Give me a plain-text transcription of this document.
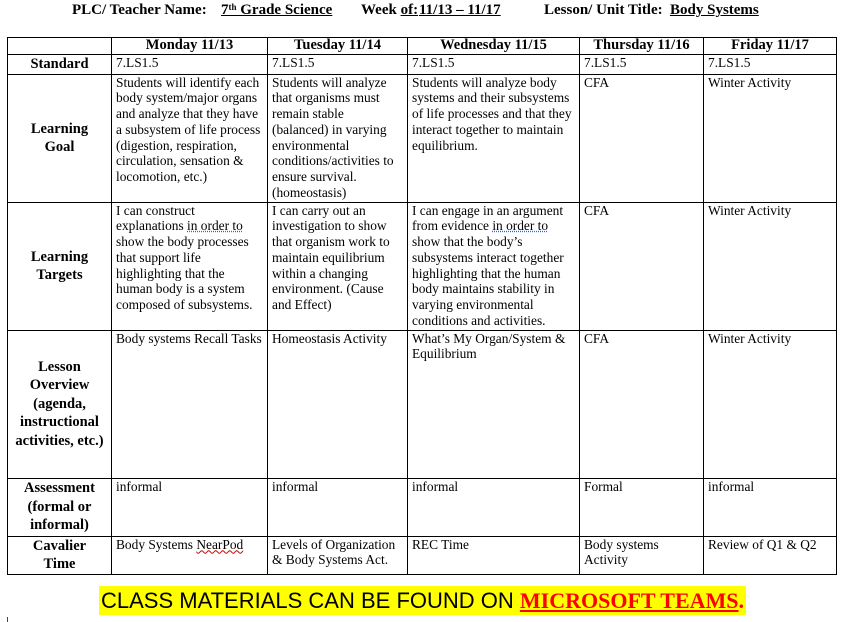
PLC/ Teacher Name: 7th Grade Science Week of: 11/13 – 11/17	Lesson/ Unit Title: Body Systems
	Monday 11/13	Tuesday 11/14	Wednesday 11/15	Thursday 11/16	Friday 11/17
Standard	7.LS1.5	7.LS1.5	7.LS1.5	7.LS1.5	7.LS1.5
Learning Goal	Students will identify each body system/major organs and analyze that they have a subsystem of life process (digestion, respiration, circulation, sensation & locomotion, etc.)	Students will analyze that organisms must remain stable (balanced) in varying environmental conditions/activities to ensure survival. (homeostasis)	Students will analyze body systems and their subsystems of life processes and that they interact together to maintain equilibrium.	CFA	Winter Activity
Learning Targets	I can construct explanations in order to show the body processes that support life highlighting that the human body is a system composed of subsystems.	I can carry out an investigation to show that organism work to maintain equilibrium within a changing environment. (Cause and Effect)	I can engage in an argument from evidence in order to show that the body’s subsystems interact together highlighting that the human body maintains stability in varying environmental conditions and activities.	CFA	Winter Activity
Lesson Overview (agenda, instructional activities, etc.)	Body systems Recall Tasks	Homeostasis Activity	What’s My Organ/System & Equilibrium	CFA	Winter Activity
Assessment (formal or informal)	informal	informal	informal	Formal	informal
Cavalier Time	Body Systems NearPod	Levels of Organization & Body Systems Act.	REC Time	Body systems Activity	Review of Q1 & Q2
CLASS MATERIALS CAN BE FOUND ON MICROSOFT TEAMS.
